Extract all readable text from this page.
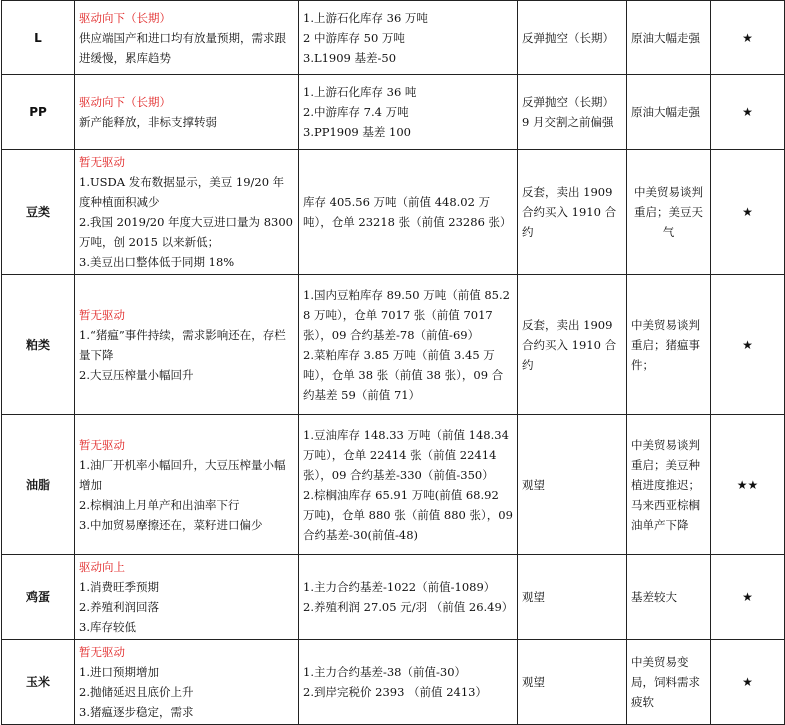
L	驱动向下（长期）
供应端国产和进口均有放量预期，需求跟进缓慢，累库趋势	1.上游石化库存 36 万吨
2 中游库存 50 万吨
3.L1909 基差-50	反弹抛空（长期）	原油大幅走强	★
PP	驱动向下（长期）
新产能释放，非标支撑转弱	1.上游石化库存 36 吨
2.中游库存 7.4 万吨
3.PP1909 基差 100	反弹抛空（长期）
9 月交割之前偏强	原油大幅走强	★
豆类	暂无驱动
1.USDA 发布数据显示，美豆 19/20 年度种植面积减少
2.我国 2019/20 年度大豆进口量为 8300 万吨，创 2015 以来新低；
3.美豆出口整体低于同期 18%	库存 405.56 万吨（前值 448.02 万吨），仓单 23218 张（前值 23286 张）	反套，卖出 1909 合约买入 1910 合约	中美贸易谈判重启；美豆天气	★
粕类	暂无驱动
1.“猪瘟”事件持续，需求影响还在，存栏量下降
2.大豆压榨量小幅回升	1.国内豆粕库存 89.50 万吨（前值 85.28 万吨），仓单 7017 张（前值 7017 张），09 合约基差-78（前值-69）
2.菜粕库存 3.85 万吨（前值 3.45 万吨），仓单 38 张（前值 38 张），09 合约基差 59（前值 71）	反套，卖出 1909 合约买入 1910 合约	中美贸易谈判重启；猪瘟事件；	★
油脂	暂无驱动
1.油厂开机率小幅回升，大豆压榨量小幅增加
2.棕榈油上月单产和出油率下行
3.中加贸易摩擦还在，菜籽进口偏少	1.豆油库存 148.33 万吨（前值 148.34 万吨），仓单 22414 张（前值 22414 张），09 合约基差-330（前值-350）
2.棕榈油库存 65.91 万吨(前值 68.92 万吨)，仓单 880 张（前值 880 张），09 合约基差-30(前值-48)	观望	中美贸易谈判重启；美豆种植进度推迟；马来西亚棕榈油单产下降	★★
鸡蛋	驱动向上
1.消费旺季预期
2.养殖利润回落
3.库存较低	1.主力合约基差-1022（前值-1089）
2.养殖利润 27.05 元/羽 （前值 26.49）	观望	基差较大	★
玉米	暂无驱动
1.进口预期增加
2.抛储延迟且底价上升
3.猪瘟逐步稳定，需求	1.主力合约基差-38（前值-30）
2.到岸完税价 2393 （前值 2413）	观望	中美贸易变局，饲料需求疲软	★
